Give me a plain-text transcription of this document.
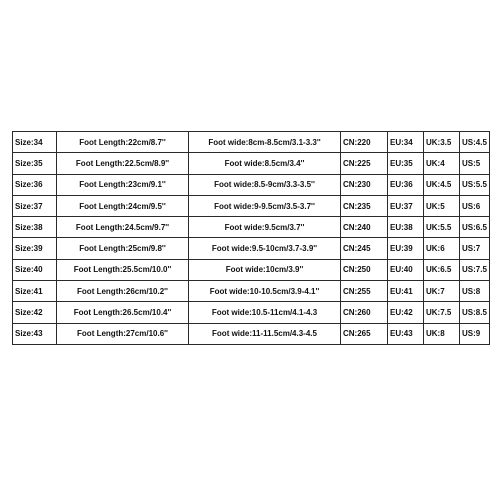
Size:34	Foot Length:22cm/8.7''	Foot wide:8cm-8.5cm/3.1-3.3''	CN:220	EU:34	UK:3.5	US:4.5
Size:35	Foot Length:22.5cm/8.9''	Foot wide:8.5cm/3.4''	CN:225	EU:35	UK:4	US:5
Size:36	Foot Length:23cm/9.1''	Foot wide:8.5-9cm/3.3-3.5''	CN:230	EU:36	UK:4.5	US:5.5
Size:37	Foot Length:24cm/9.5''	Foot wide:9-9.5cm/3.5-3.7''	CN:235	EU:37	UK:5	US:6
Size:38	Foot Length:24.5cm/9.7''	Foot wide:9.5cm/3.7''	CN:240	EU:38	UK:5.5	US:6.5
Size:39	Foot Length:25cm/9.8''	Foot wide:9.5-10cm/3.7-3.9''	CN:245	EU:39	UK:6	US:7
Size:40	Foot Length:25.5cm/10.0''	Foot wide:10cm/3.9''	CN:250	EU:40	UK:6.5	US:7.5
Size:41	Foot Length:26cm/10.2''	Foot wide:10-10.5cm/3.9-4.1''	CN:255	EU:41	UK:7	US:8
Size:42	Foot Length:26.5cm/10.4''	Foot wide:10.5-11cm/4.1-4.3	CN:260	EU:42	UK:7.5	US:8.5
Size:43	Foot Length:27cm/10.6''	Foot wide:11-11.5cm/4.3-4.5	CN:265	EU:43	UK:8	US:9
